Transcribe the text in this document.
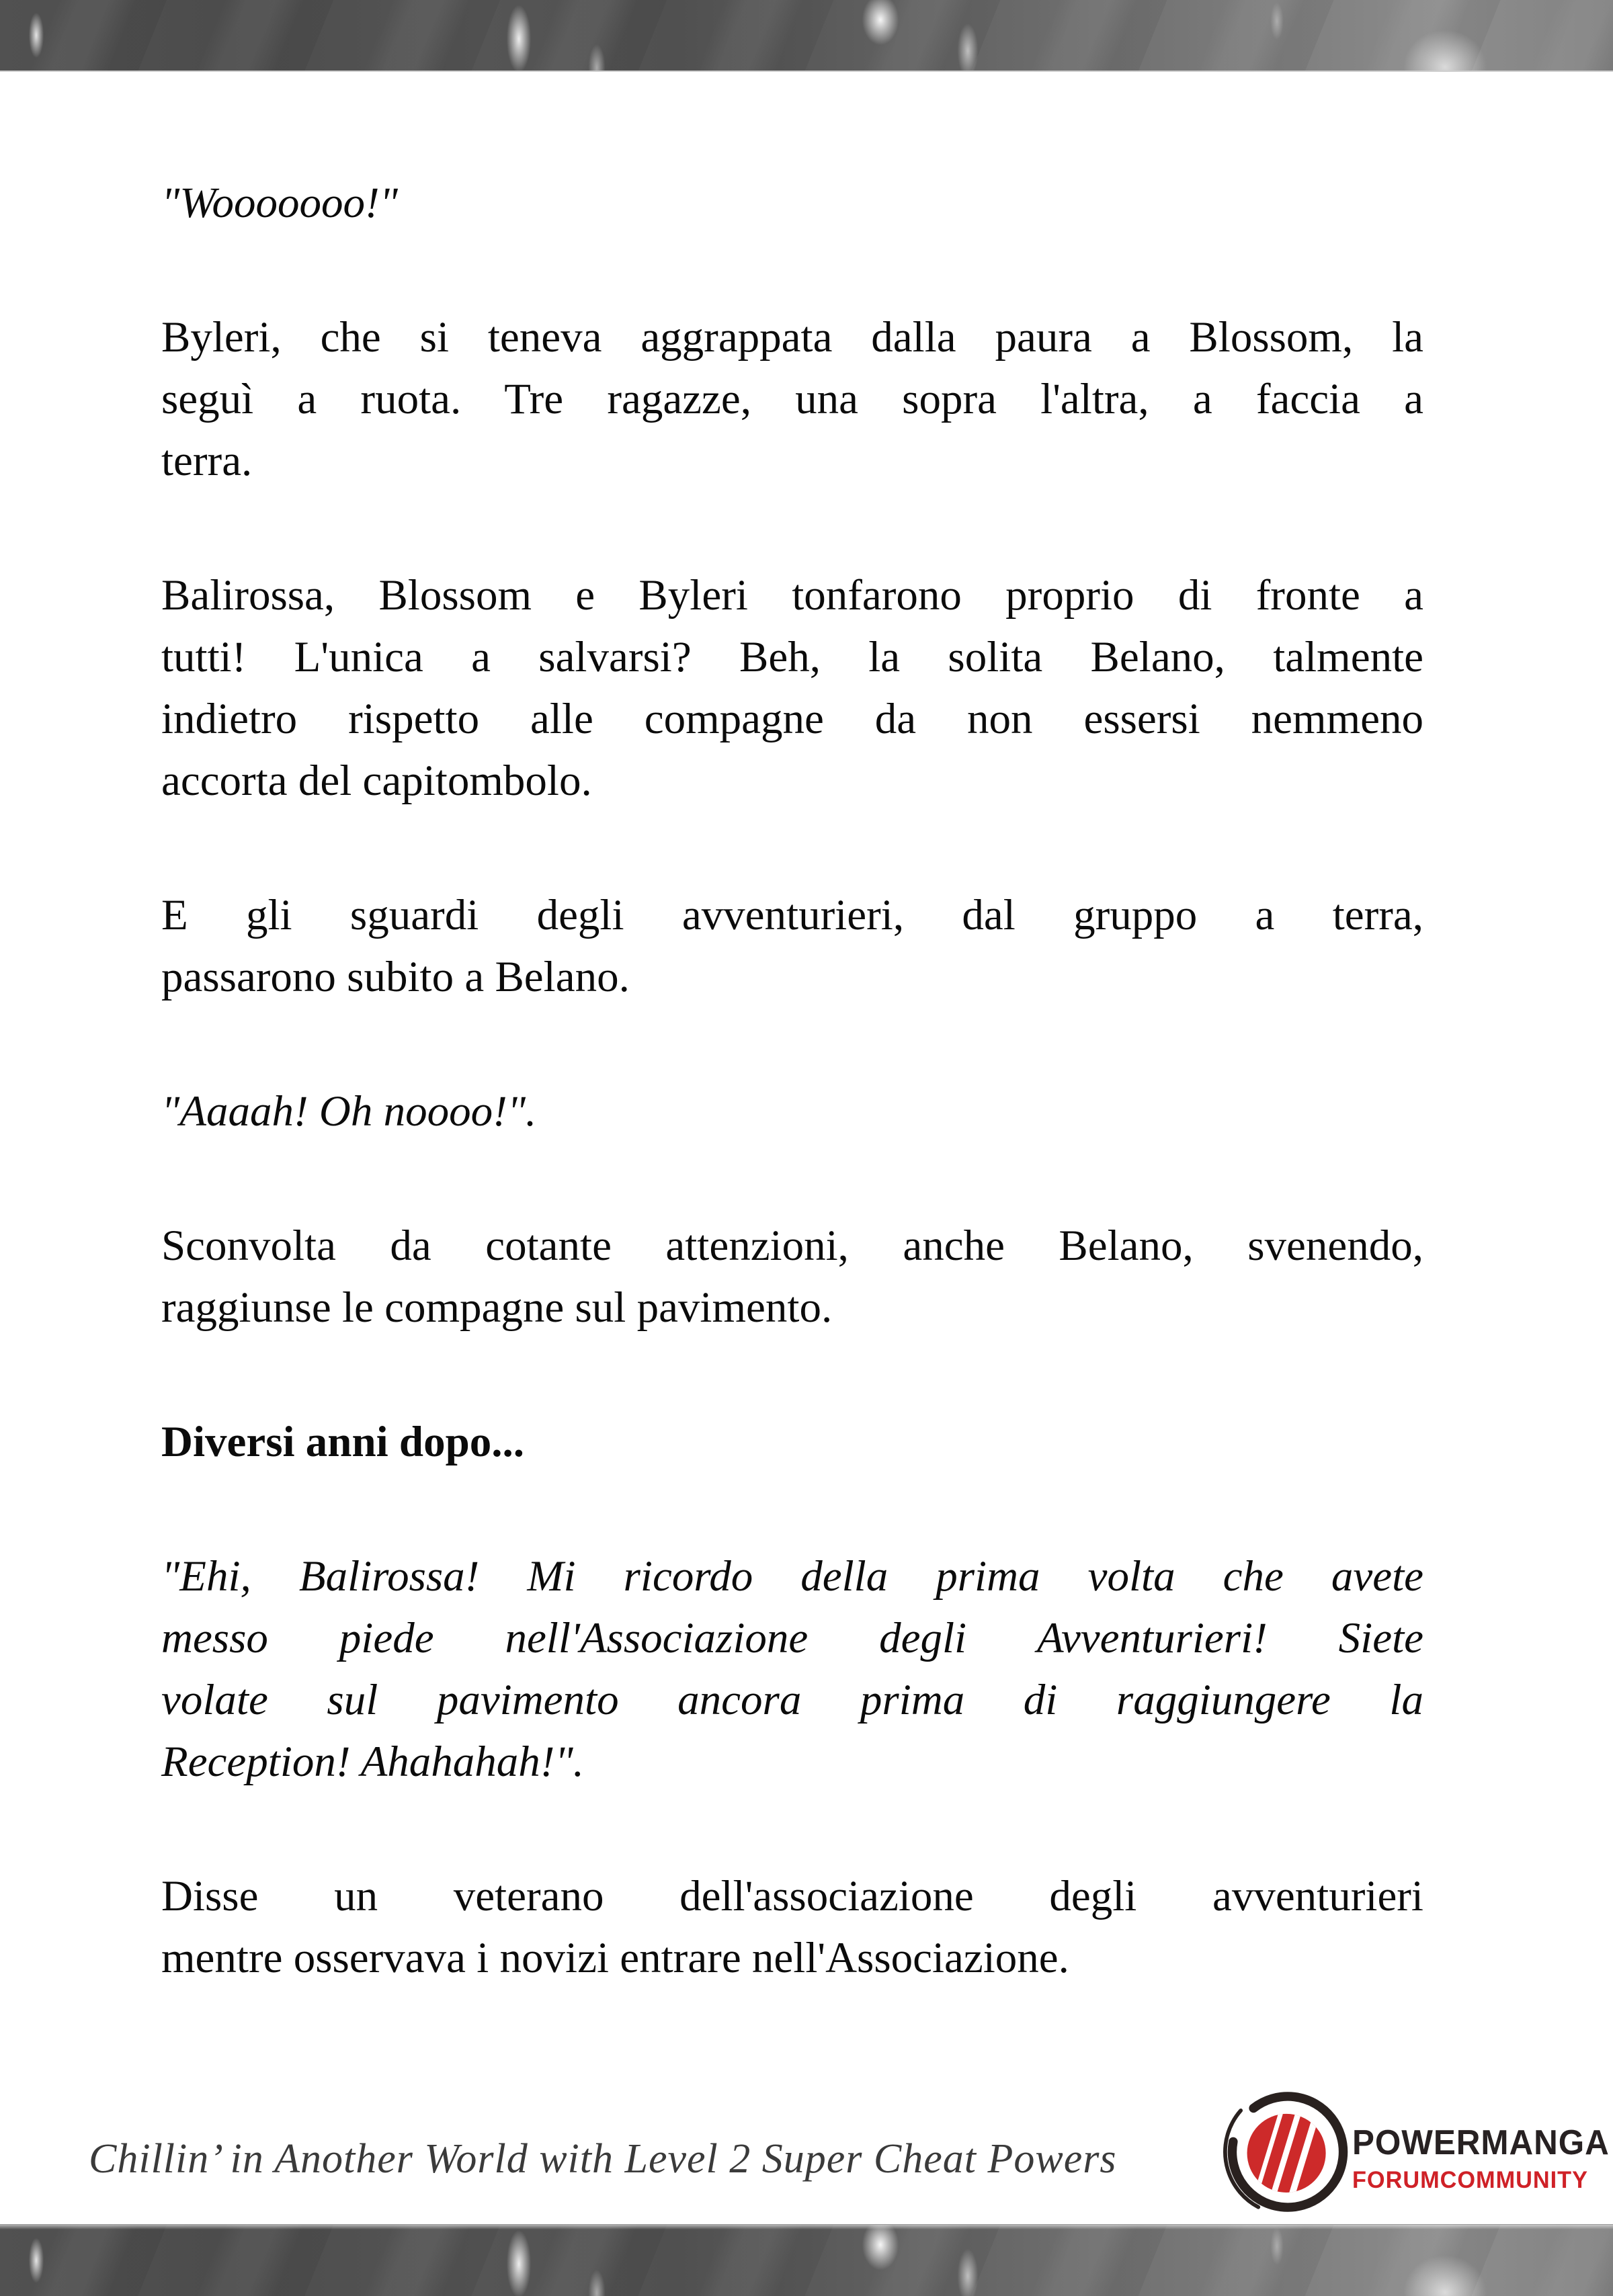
"Wooooooo!"
Byleri, che si teneva aggrappata dalla paura a Blossom, la
seguì a ruota. Tre ragazze, una sopra l'altra, a faccia a
terra.
Balirossa, Blossom e Byleri tonfarono proprio di fronte a
tutti! L'unica a salvarsi? Beh, la solita Belano, talmente
indietro rispetto alle compagne da non essersi nemmeno
accorta del capitombolo.
E gli sguardi degli avventurieri, dal gruppo a terra,
passarono subito a Belano.
"Aaaah! Oh noooo!".
Sconvolta da cotante attenzioni, anche Belano, svenendo,
raggiunse le compagne sul pavimento.
Diversi anni dopo...
"Ehi, Balirossa! Mi ricordo della prima volta che avete
messo piede nell'Associazione degli Avventurieri! Siete
volate sul pavimento ancora prima di raggiungere la
Reception! Ahahahah!".
Disse un veterano dell'associazione degli avventurieri
mentre osservava i novizi entrare nell'Associazione.
Chillin’ in Another World with Level 2 Super Cheat Powers	POWERMANGA
FORUMCOMMUNITY
